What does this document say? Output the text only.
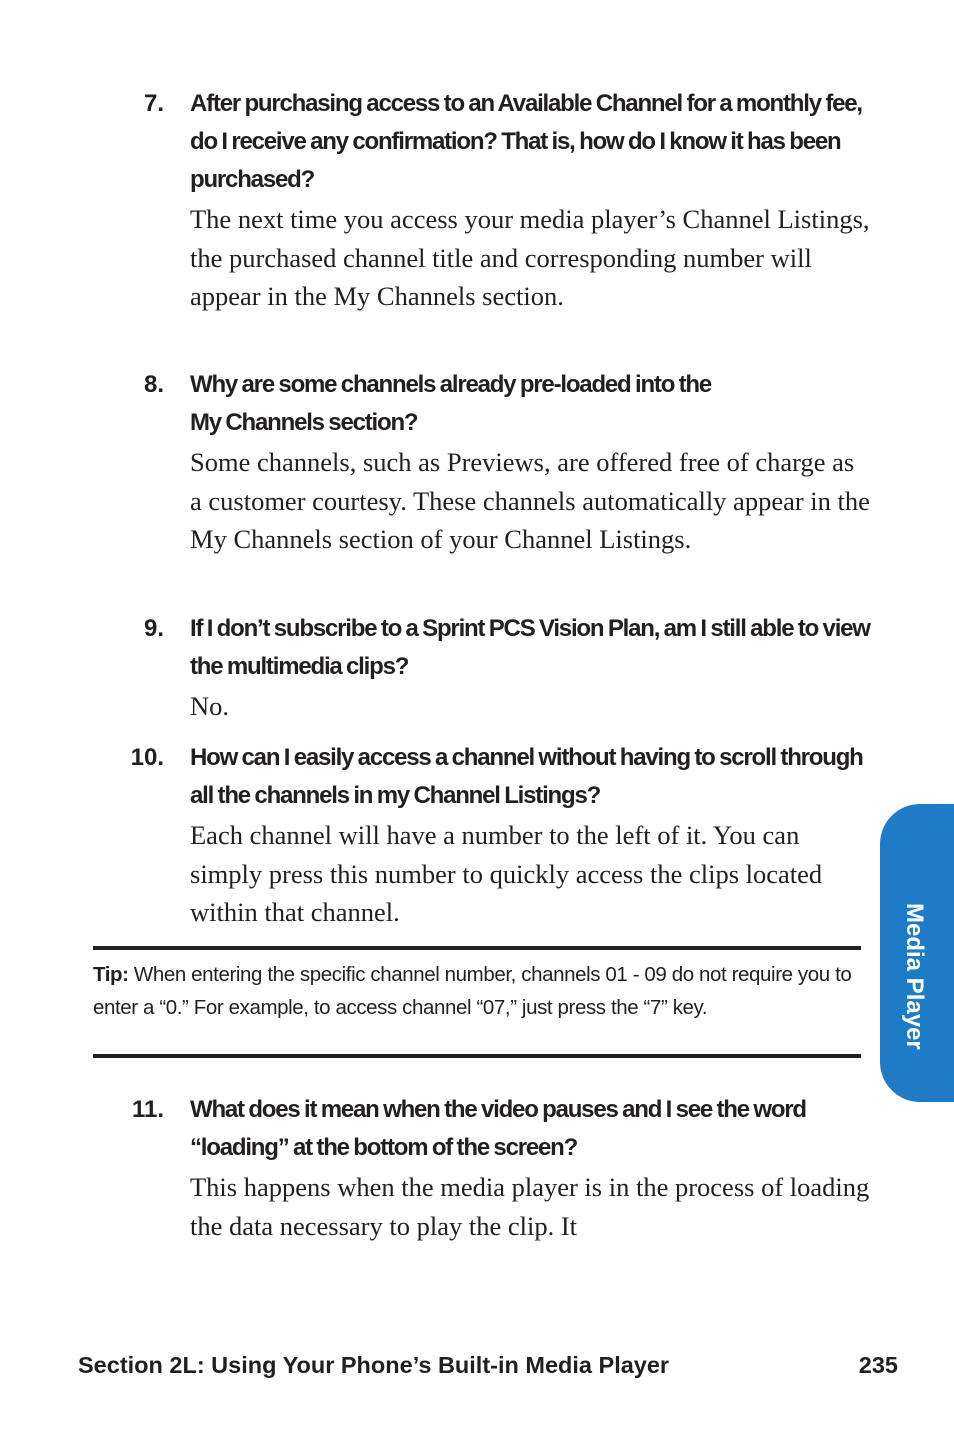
7. After purchasing access to an Available Channel for a monthly fee, do I receive any confirmation? That is, how do I know it has been purchased?
The next time you access your media player’s Channel Listings, the purchased channel title and corresponding number will appear in the My Channels section.
8. Why are some channels already pre-loaded into the
My Channels section?
Some channels, such as Previews, are offered free of charge as a customer courtesy. These channels automatically appear in the My Channels section of your Channel Listings.
9. If I don’t subscribe to a Sprint PCS Vision Plan, am I still able to view the multimedia clips?
No.
10. How can I easily access a channel without having to scroll through all the channels in my Channel Listings?
Each channel will have a number to the left of it. You can simply press this number to quickly access the clips located within that channel.
Tip: When entering the specific channel number, channels 01 - 09 do not require you to enter a “0.” For example, to access channel “07,” just press the “7” key.
11. What does it mean when the video pauses and I see the word “loading” at the bottom of the screen?
This happens when the media player is in the process of loading the data necessary to play the clip. It
Media Player
Section 2L: Using Your Phone’s Built-in Media Player	235
